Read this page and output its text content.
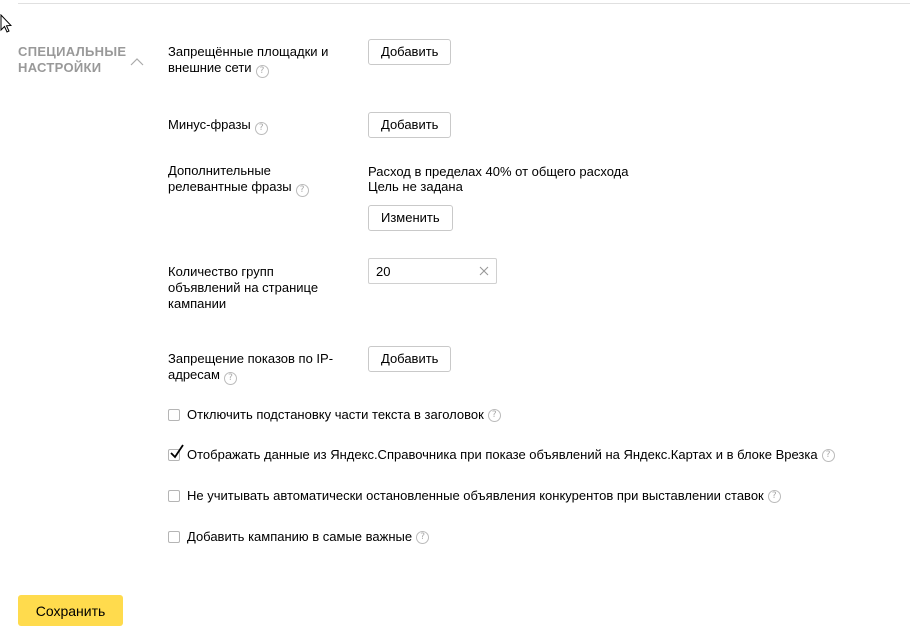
СПЕЦИАЛЬНЫЕ
НАСТРОЙКИ
Запрещённые площадки и
внешние сети ?
Добавить
Минус-фразы ?	Добавить
Дополнительные
релевантные фразы ?
Расход в пределах 40% от общего расхода
Цель не задана
Изменить
Количество групп
объявлений на странице
кампании
20
Запрещение показов по IP-
адресам ?
Добавить
Отключить подстановку части текста в заголовок ?
Отображать данные из Яндекс.Справочника при показе объявлений на Яндекс.Картах и в блоке Врезка ?
Не учитывать автоматически остановленные объявления конкурентов при выставлении ставок ?
Добавить кампанию в самые важные ?
Сохранить
